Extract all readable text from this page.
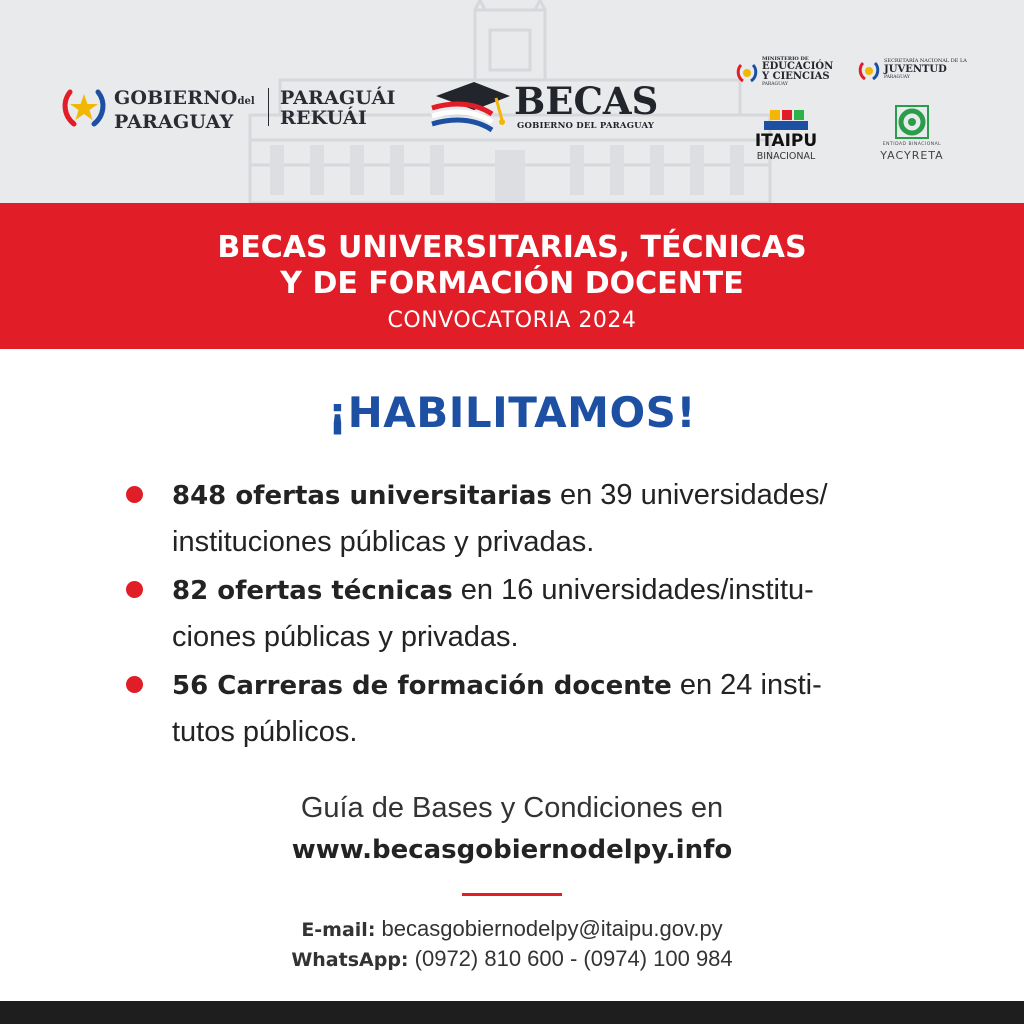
GOBIERNOdel
PARAGUAY
PARAGUÁI
REKUÁI	BECAS
GOBIERNO DEL PARAGUAY
MINISTERIO DE
EDUCACIÓN
Y CIENCIAS
PARAGUAY
SECRETARÍA NACIONAL DE LA
JUVENTUD
PARAGUAY
ITAIPU
BINACIONAL
ENTIDAD BINACIONAL
YACYRETA
BECAS UNIVERSITARIAS, TÉCNICAS
Y DE FORMACIÓN DOCENTE
CONVOCATORIA 2024
¡HABILITAMOS!
848 ofertas universitarias en 39 universidades/
instituciones públicas y privadas.
82 ofertas técnicas en 16 universidades/institu-
ciones públicas y privadas.
56 Carreras de formación docente en 24 insti-
tutos públicos.
Guía de Bases y Condiciones en
www.becasgobiernodelpy.info
E-mail: becasgobiernodelpy@itaipu.gov.py
WhatsApp: (0972) 810 600 - (0974) 100 984
